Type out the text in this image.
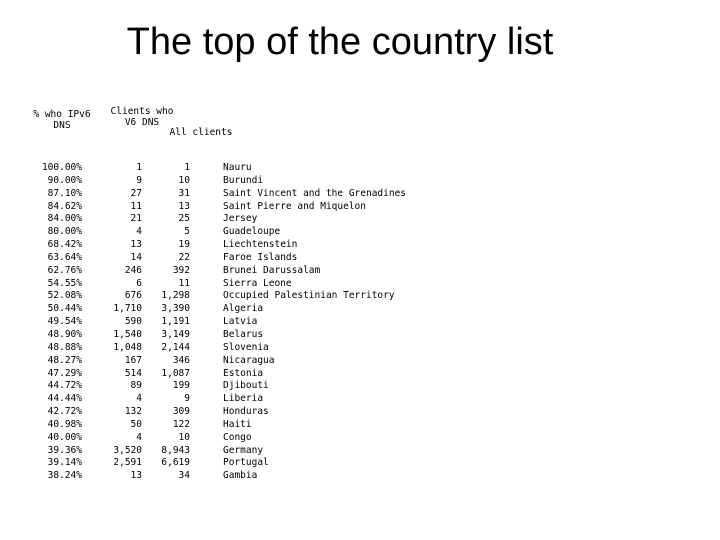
The top of the country list
% who IPv6 DNS
Clients who V6 DNS
All clients
100.00%	1	1	Nauru
90.00%	9	10	Burundi
87.10%	27	31	Saint Vincent and the Grenadines
84.62%	11	13	Saint Pierre and Miquelon
84.00%	21	25	Jersey
80.00%	4	5	Guadeloupe
68.42%	13	19	Liechtenstein
63.64%	14	22	Faroe Islands
62.76%	246	392	Brunei Darussalam
54.55%	6	11	Sierra Leone
52.08%	676	1,298	Occupied Palestinian Territory
50.44%	1,710	3,390	Algeria
49.54%	590	1,191	Latvia
48.90%	1,540	3,149	Belarus
48.88%	1,048	2,144	Slovenia
48.27%	167	346	Nicaragua
47.29%	514	1,087	Estonia
44.72%	89	199	Djibouti
44.44%	4	9	Liberia
42.72%	132	309	Honduras
40.98%	50	122	Haiti
40.00%	4	10	Congo
39.36%	3,520	8,943	Germany
39.14%	2,591	6,619	Portugal
38.24%	13	34	Gambia
